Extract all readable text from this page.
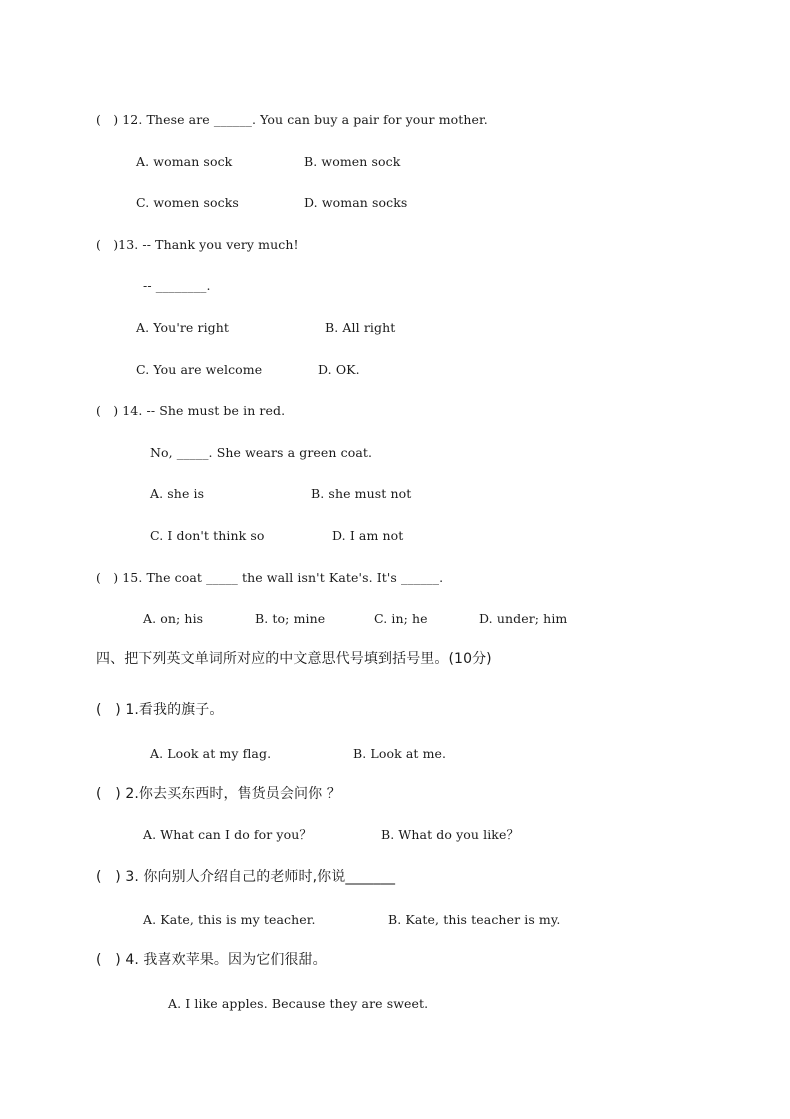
(   ) 12. These are ______. You can buy a pair for your mother.
A. woman sock	B. women sock
C. women socks	D. woman socks
(   )13. -- Thank you very much!
-- ________.
A. You're right	B. All right
C. You are welcome	D. OK.
(   ) 14. -- She must be in red.
No, _____. She wears a green coat.
A. she is	B. she must not
C. I don't think so	D. I am not
(   ) 15. The coat _____ the wall isn't Kate's. It's ______.
A. on; his	B. to; mine	C. in; he	D. under; him
四、把下列英文单词所对应的中文意思代号填到括号里。(10分)
(   ) 1.看我的旗子。
A. Look at my flag.	B. Look at me.
(   ) 2.你去买东西时，售货员会问你 ？
A. What can I do for you？	B. What do you like？
(   ) 3. 你向别人介绍自己的老师时,你说_______
A. Kate, this is my teacher.	B. Kate, this teacher is my.
(   ) 4. 我喜欢苹果。因为它们很甜。
A. I like apples. Because they are sweet.
